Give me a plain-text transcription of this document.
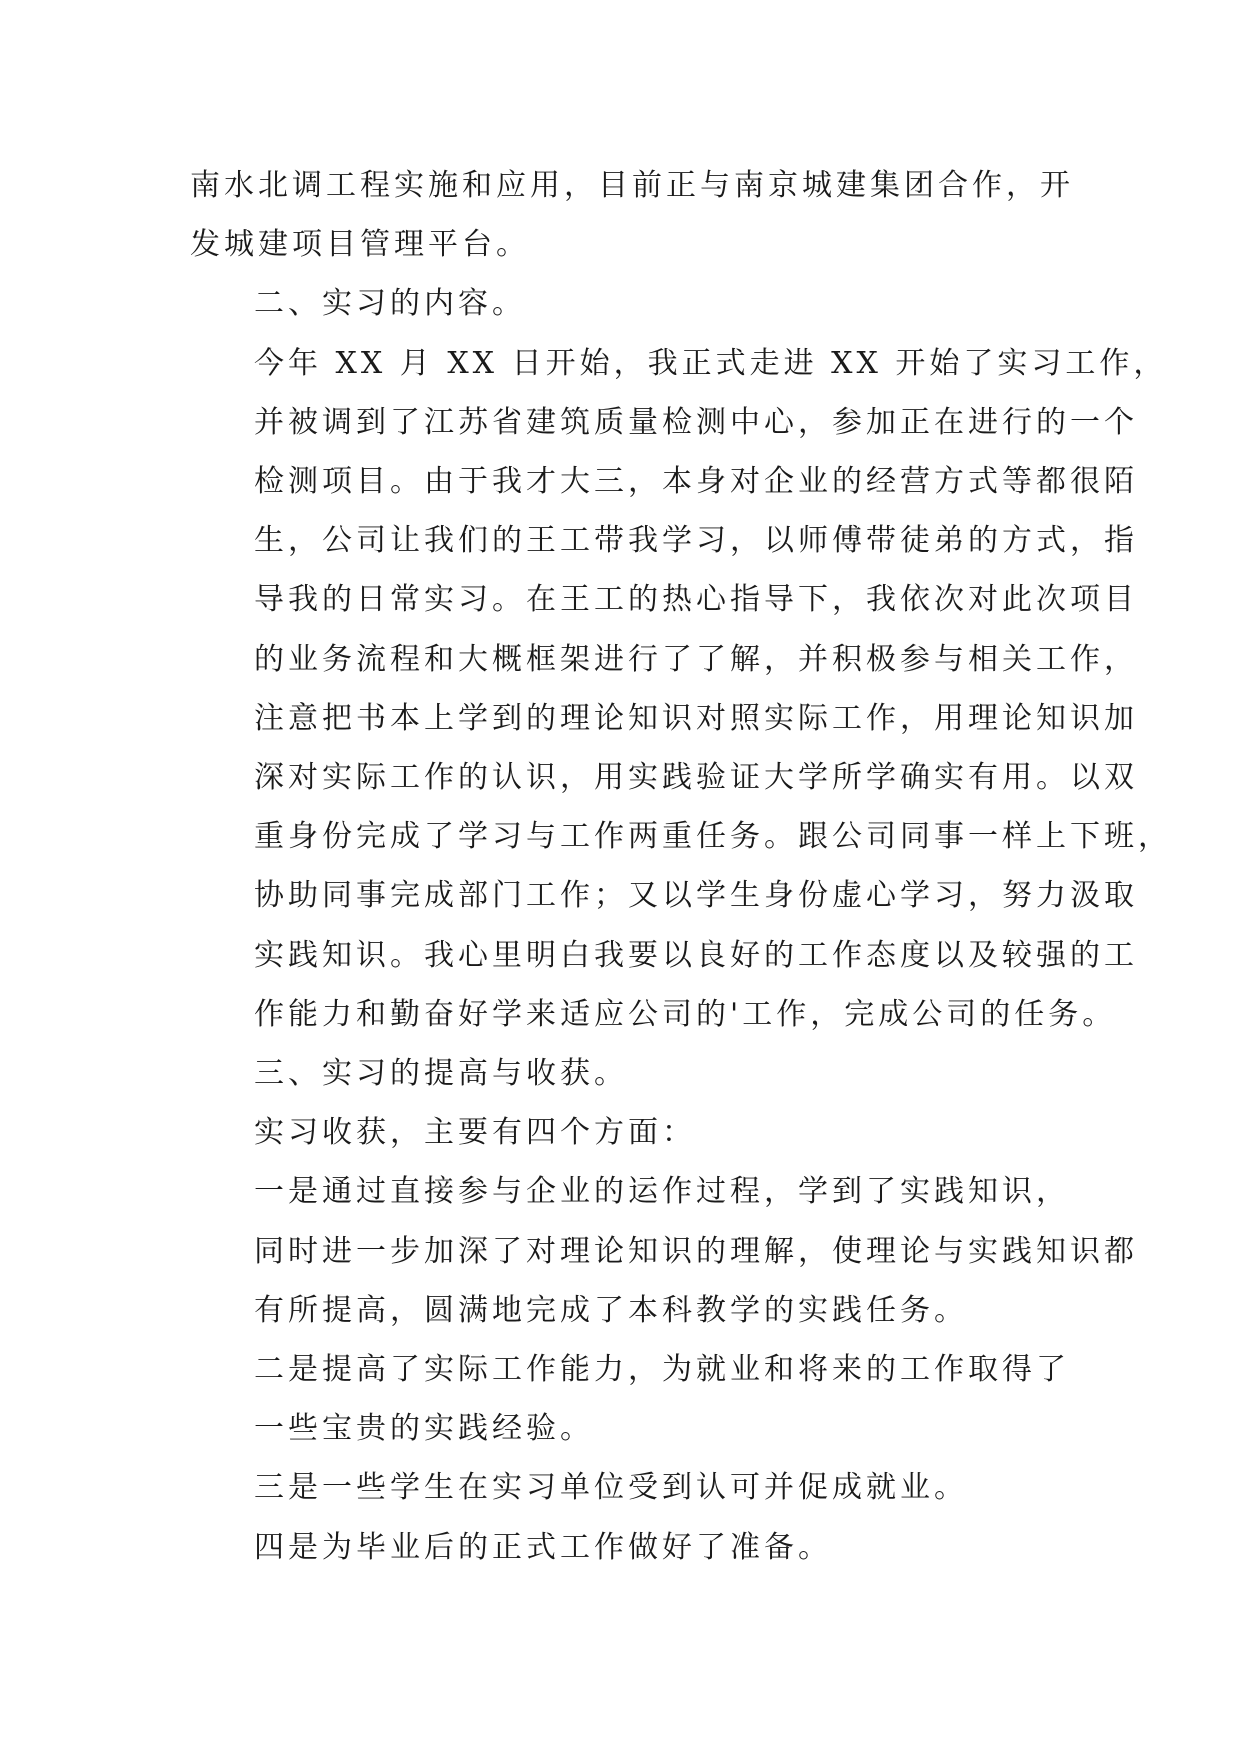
南水北调工程实施和应用，目前正与南京城建集团合作，开
发城建项目管理平台。

二、实习的内容。

今年 XX 月 XX 日开始，我正式走进 XX 开始了实习工作，
并被调到了江苏省建筑质量检测中心，参加正在进行的一个
检测项目。由于我才大三，本身对企业的经营方式等都很陌
生，公司让我们的王工带我学习，以师傅带徒弟的方式，指
导我的日常实习。在王工的热心指导下，我依次对此次项目
的业务流程和大概框架进行了了解，并积极参与相关工作，
注意把书本上学到的理论知识对照实际工作，用理论知识加
深对实际工作的认识，用实践验证大学所学确实有用。以双
重身份完成了学习与工作两重任务。跟公司同事一样上下班，
协助同事完成部门工作；又以学生身份虚心学习，努力汲取
实践知识。我心里明白我要以良好的工作态度以及较强的工
作能力和勤奋好学来适应公司的'工作，完成公司的任务。

三、实习的提高与收获。

实习收获，主要有四个方面：

一是通过直接参与企业的运作过程，学到了实践知识，
同时进一步加深了对理论知识的理解，使理论与实践知识都
有所提高，圆满地完成了本科教学的实践任务。

二是提高了实际工作能力，为就业和将来的工作取得了
一些宝贵的实践经验。

三是一些学生在实习单位受到认可并促成就业。

四是为毕业后的正式工作做好了准备。
